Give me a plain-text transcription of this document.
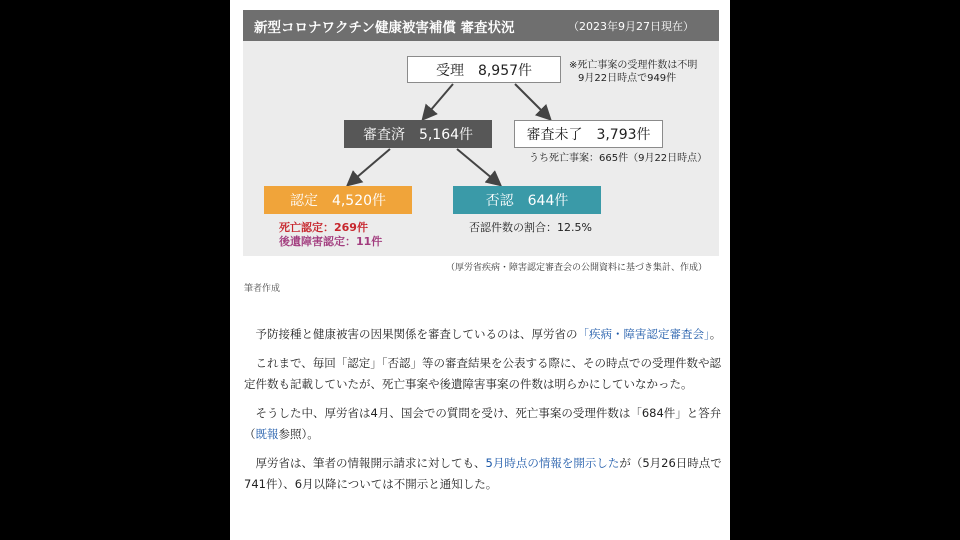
新型コロナワクチン健康被害補償 審査状況	（2023年9月27日現在）
受理 8,957件	※死亡事案の受理件数は不明
9月22日時点で949件
審査済 5,164件	審査未了 3,793件
うち死亡事案：665件（9月22日時点）
認定 4,520件
死亡認定：269件
後遺障害認定：11件
否認 644件
否認件数の割合：12.5%
（厚労省疾病・障害認定審査会の公開資料に基づき集計、作成）
筆者作成

予防接種と健康被害の因果関係を審査しているのは、厚労省の「疾病・障害認定審査会」。

これまで、毎回「認定」「否認」等の審査結果を公表する際に、その時点での受理件数や認定件数も記載していたが、死亡事案や後遺障害事案の件数は明らかにしていなかった。

そうした中、厚労省は4月、国会での質問を受け、死亡事案の受理件数は「684件」と答弁（既報参照）。

厚労省は、筆者の情報開示請求に対しても、5月時点の情報を開示したが（5月26日時点で741件）、6月以降については不開示と通知した。
